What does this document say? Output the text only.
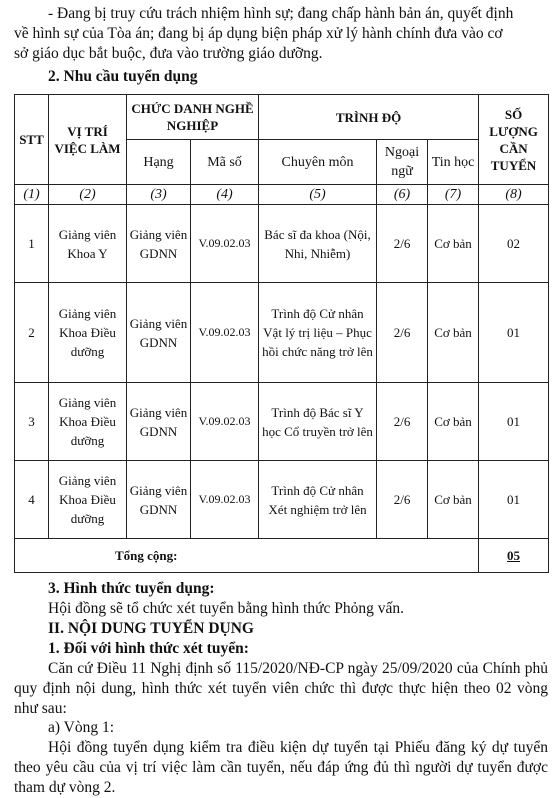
- Đang bị truy cứu trách nhiệm hình sự; đang chấp hành bản án, quyết định
về hình sự của Tòa án; đang bị áp dụng biện pháp xử lý hành chính đưa vào cơ
sở giáo dục bắt buộc, đưa vào trường giáo dưỡng.
2. Nhu cầu tuyển dụng
STT	VỊ TRÍ VIỆC LÀM	CHỨC DANH NGHỀ NGHIỆP		TRÌNH ĐỘ			SỐ LƯỢNG CẦN TUYỂN
		Hạng	Mã số	Chuyên môn	Ngoại ngữ	Tin học	
(1)	(2)	(3)	(4)	(5)	(6)	(7)	(8)
1	Giảng viên Khoa Y	Giảng viên GDNN	V.09.02.03	Bác sĩ đa khoa (Nội, Nhi, Nhiễm)	2/6	Cơ bản	02
2	Giảng viên Khoa Điều dưỡng	Giảng viên GDNN	V.09.02.03	Trình độ Cử nhân Vật lý trị liệu – Phục hồi chức năng trở lên	2/6	Cơ bản	01
3	Giảng viên Khoa Điều dưỡng	Giảng viên GDNN	V.09.02.03	Trình độ Bác sĩ Y học Cổ truyền trở lên	2/6	Cơ bản	01
4	Giảng viên Khoa Điều dưỡng	Giảng viên GDNN	V.09.02.03	Trình độ Cử nhân Xét nghiệm trở lên	2/6	Cơ bản	01
Tổng cộng:							05
3. Hình thức tuyển dụng:
Hội đồng sẽ tổ chức xét tuyển bằng hình thức Phỏng vấn.
II. NỘI DUNG TUYỂN DỤNG
1. Đối với hình thức xét tuyển:
Căn cứ Điều 11 Nghị định số 115/2020/NĐ-CP ngày 25/09/2020 của Chính phủ quy định nội dung, hình thức xét tuyển viên chức thì được thực hiện theo 02 vòng như sau:
a) Vòng 1:
Hội đồng tuyển dụng kiểm tra điều kiện dự tuyển tại Phiếu đăng ký dự tuyển theo yêu cầu của vị trí việc làm cần tuyển, nếu đáp ứng đủ thì người dự tuyển được tham dự vòng 2.
